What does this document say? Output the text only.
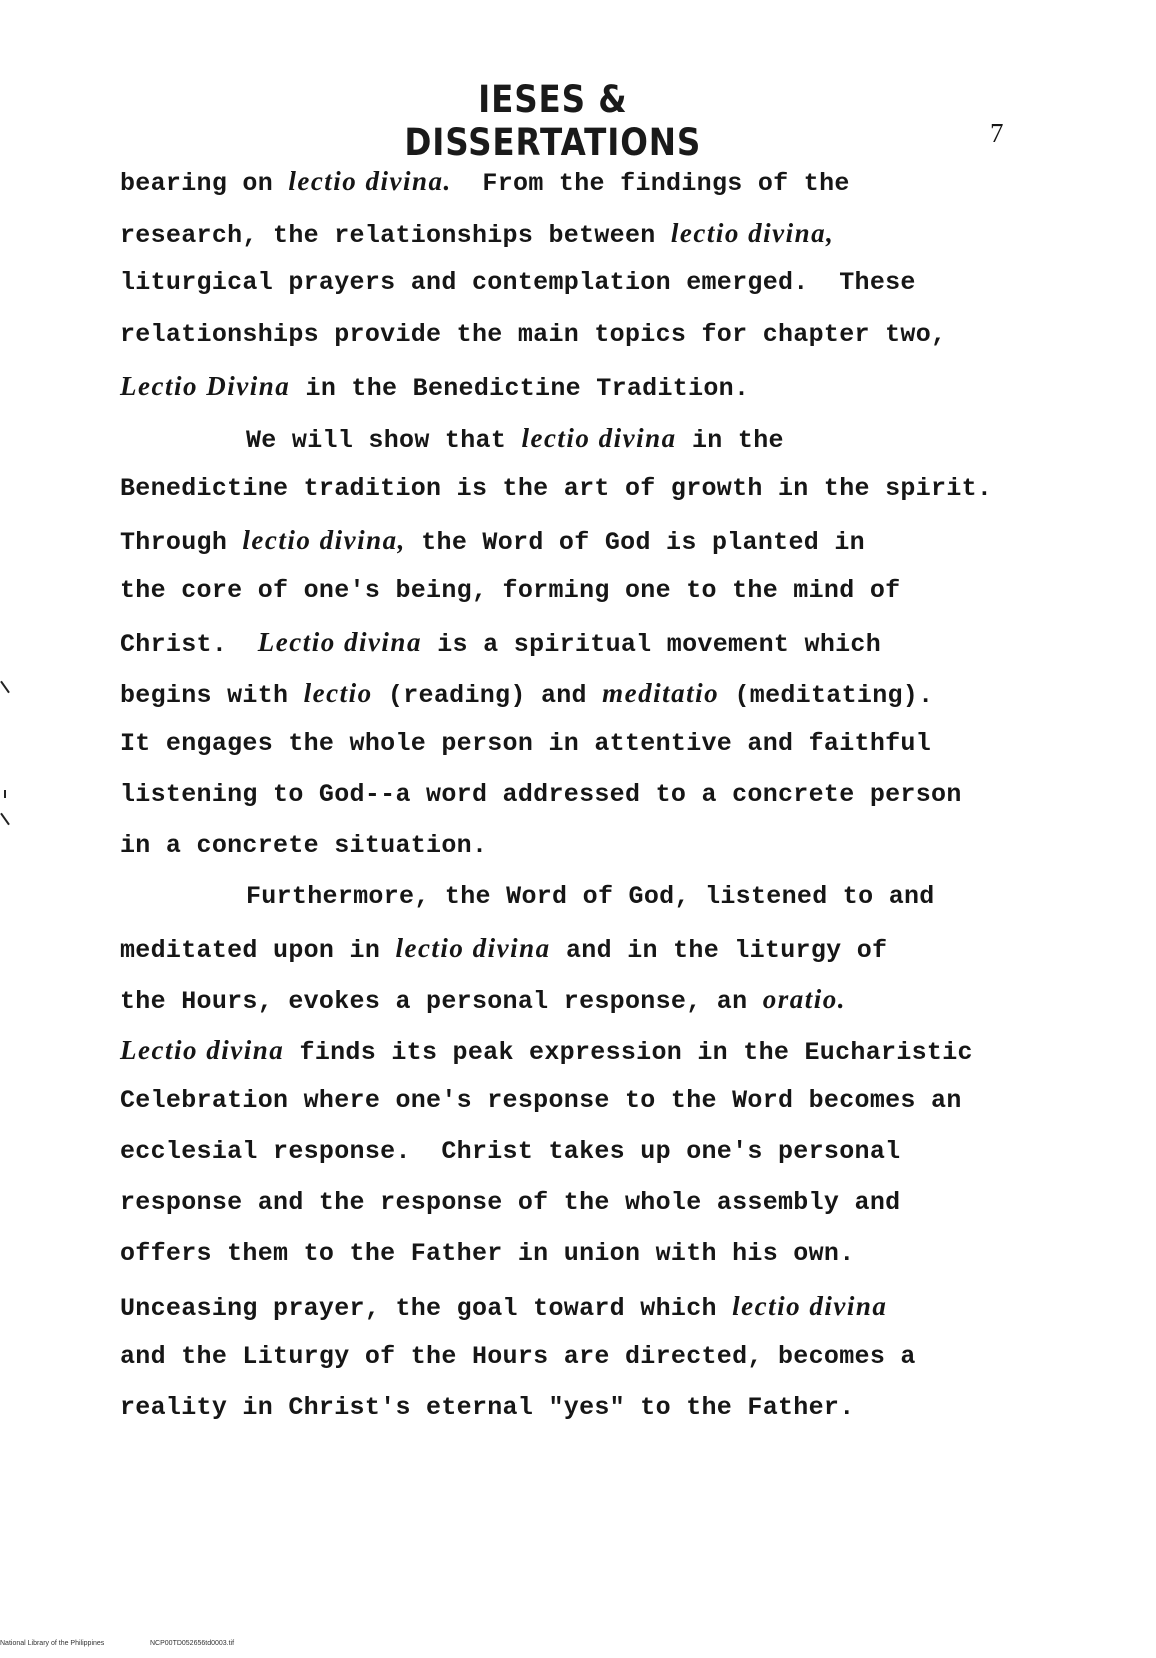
IESES & DISSERTATIONS	7
bearing on lectio divina.  From the findings of the
research, the relationships between lectio divina,
liturgical prayers and contemplation emerged.  These
relationships provide the main topics for chapter two,
Lectio Divina in the Benedictine Tradition.
We will show that lectio divina in the
Benedictine tradition is the art of growth in the spirit.
Through lectio divina, the Word of God is planted in
the core of one's being, forming one to the mind of
Christ.  Lectio divina is a spiritual movement which
begins with lectio (reading) and meditatio (meditating).
It engages the whole person in attentive and faithful
listening to God--a word addressed to a concrete person
in a concrete situation.
Furthermore, the Word of God, listened to and
meditated upon in lectio divina and in the liturgy of
the Hours, evokes a personal response, an oratio.
Lectio divina finds its peak expression in the Eucharistic
Celebration where one's response to the Word becomes an
ecclesial response.  Christ takes up one's personal
response and the response of the whole assembly and
offers them to the Father in union with his own.
Unceasing prayer, the goal toward which lectio divina
and the Liturgy of the Hours are directed, becomes a
reality in Christ's eternal "yes" to the Father.
National Library of the Philippines	NCP00TD052656td0003.tif
